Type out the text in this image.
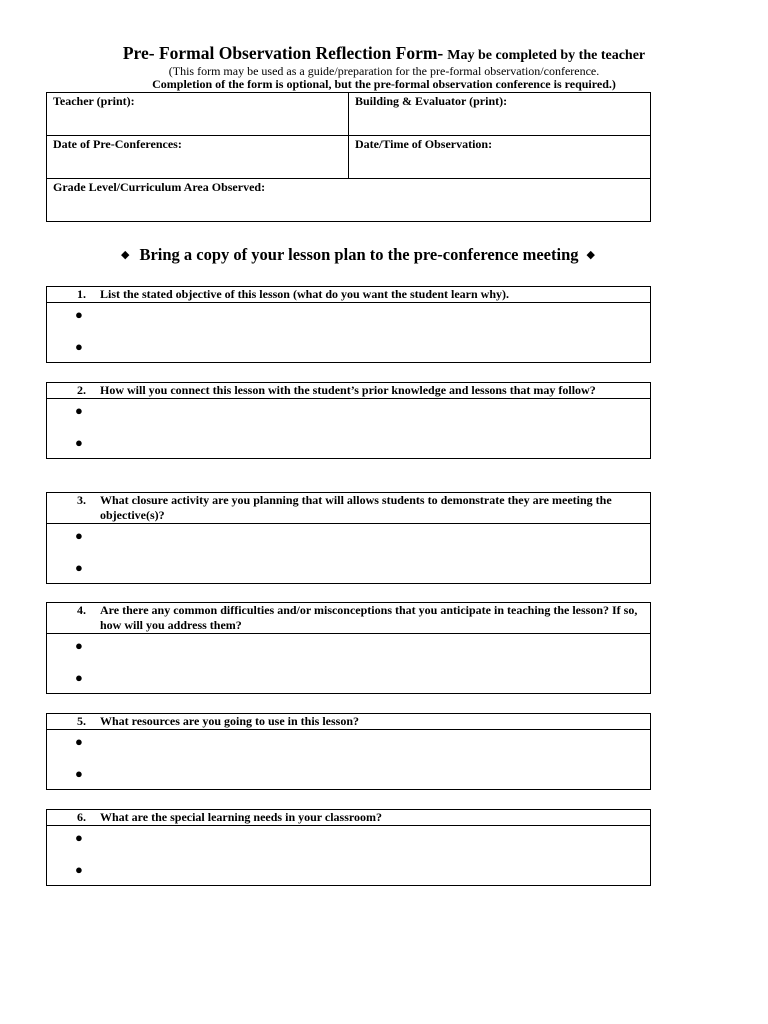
Pre- Formal Observation Reflection Form- May be completed by the teacher
(This form may be used as a guide/preparation for the pre-formal observation/conference.
Completion of the form is optional, but the pre-formal observation conference is required.)
Teacher (print):	Building & Evaluator (print):
Date of Pre-Conferences:	Date/Time of Observation:
Grade Level/Curriculum Area Observed:	
◆ Bring a copy of your lesson plan to the pre-conference meeting ◆
1. List the stated objective of this lesson (what do you want the student learn why).
●
●
2. How will you connect this lesson with the student’s prior knowledge and lessons that may follow?
●
●
3. What closure activity are you planning that will allows students to demonstrate they are meeting the objective(s)?
●
●
4. Are there any common difficulties and/or misconceptions that you anticipate in teaching the lesson? If so, how will you address them?
●
●
5. What resources are you going to use in this lesson?
●
●
6. What are the special learning needs in your classroom?
●
●
